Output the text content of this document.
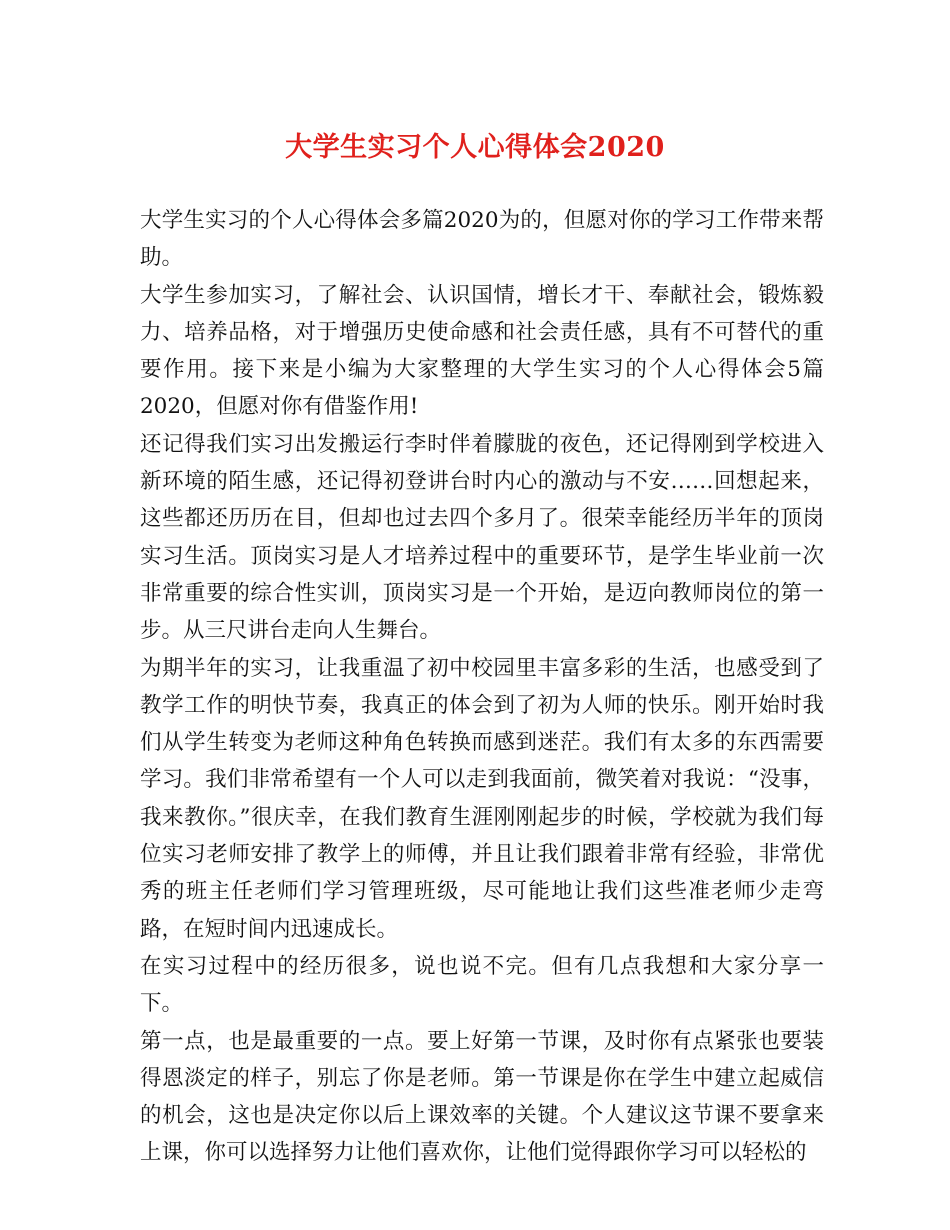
大学生实习个人心得体会2020

大学生实习的个人心得体会多篇2020为的，但愿对你的学习工作带来帮助。

大学生参加实习，了解社会、认识国情，增长才干、奉献社会，锻炼毅力、培养品格，对于增强历史使命感和社会责任感，具有不可替代的重要作用。接下来是小编为大家整理的大学生实习的个人心得体会5篇2020，但愿对你有借鉴作用!

还记得我们实习出发搬运行李时伴着朦胧的夜色，还记得刚到学校进入新环境的陌生感，还记得初登讲台时内心的激动与不安……回想起来，这些都还历历在目，但却也过去四个多月了。很荣幸能经历半年的顶岗实习生活。顶岗实习是人才培养过程中的重要环节，是学生毕业前一次非常重要的综合性实训，顶岗实习是一个开始，是迈向教师岗位的第一步。从三尺讲台走向人生舞台。

为期半年的实习，让我重温了初中校园里丰富多彩的生活，也感受到了教学工作的明快节奏，我真正的体会到了初为人师的快乐。刚开始时我们从学生转变为老师这种角色转换而感到迷茫。我们有太多的东西需要学习。我们非常希望有一个人可以走到我面前，微笑着对我说：“没事，我来教你。”很庆幸，在我们教育生涯刚刚起步的时候，学校就为我们每位实习老师安排了教学上的师傅，并且让我们跟着非常有经验，非常优秀的班主任老师们学习管理班级，尽可能地让我们这些准老师少走弯路，在短时间内迅速成长。

在实习过程中的经历很多，说也说不完。但有几点我想和大家分享一下。

第一点，也是最重要的一点。要上好第一节课，及时你有点紧张也要装得恩淡定的样子，别忘了你是老师。第一节课是你在学生中建立起威信的机会，这也是决定你以后上课效率的关键。个人建议这节课不要拿来上课，你可以选择努力让他们喜欢你，让他们觉得跟你学习可以轻松的
